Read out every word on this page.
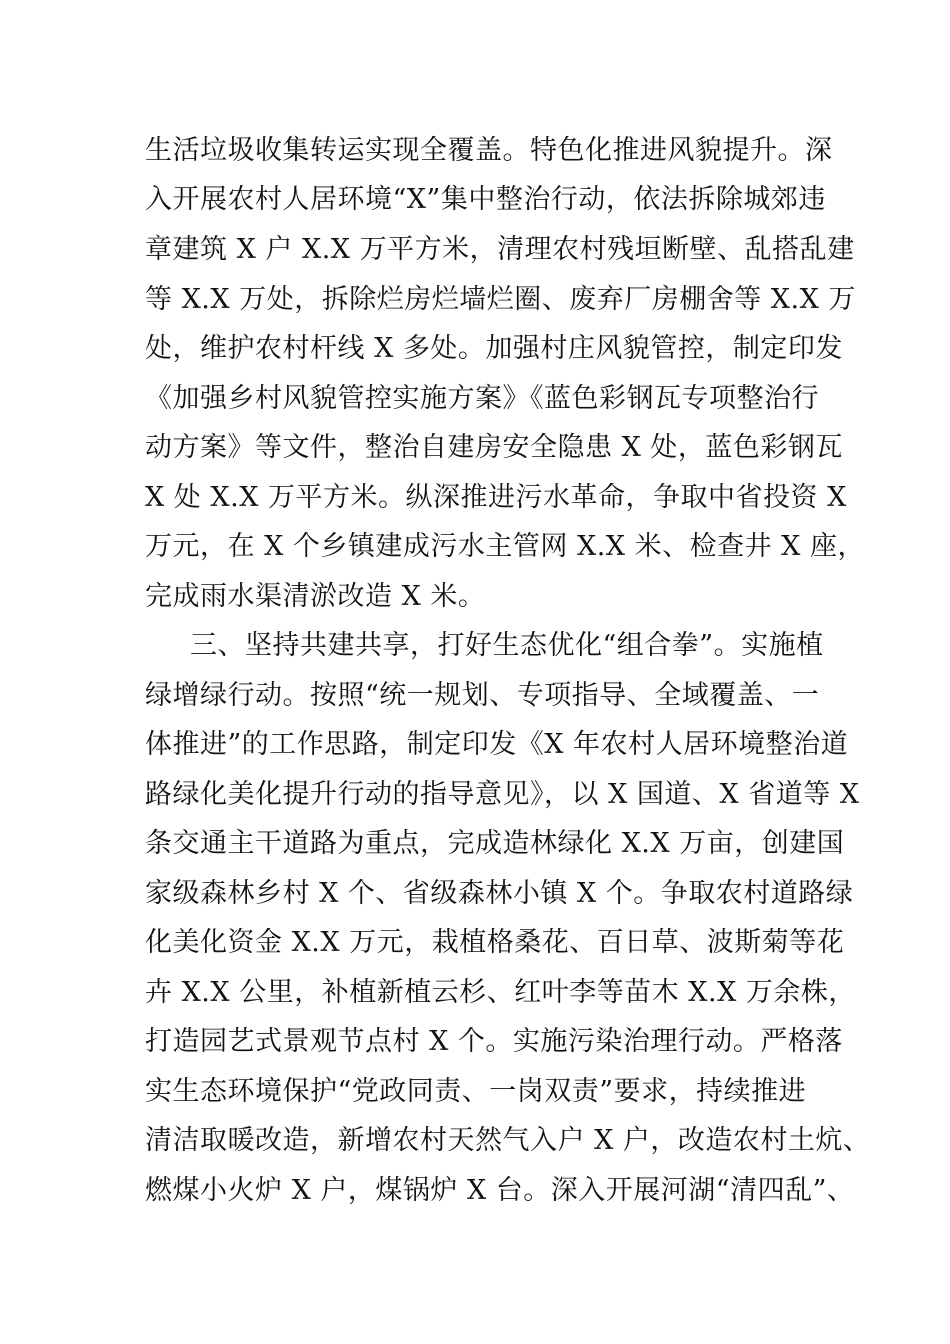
生活垃圾收集转运实现全覆盖。特色化推进风貌提升。深
入开展农村人居环境“X”集中整治行动，依法拆除城郊违
章建筑 X 户 X.X 万平方米，清理农村残垣断壁、乱搭乱建
等 X.X 万处，拆除烂房烂墙烂圈、废弃厂房棚舍等 X.X 万
处，维护农村杆线 X 多处。加强村庄风貌管控，制定印发
《加强乡村风貌管控实施方案》《蓝色彩钢瓦专项整治行
动方案》等文件，整治自建房安全隐患 X 处，蓝色彩钢瓦
X 处 X.X 万平方米。纵深推进污水革命，争取中省投资 X
万元，在 X 个乡镇建成污水主管网 X.X 米、检查井 X 座，
完成雨水渠清淤改造 X 米。
三、坚持共建共享，打好生态优化“组合拳”。实施植
绿增绿行动。按照“统一规划、专项指导、全域覆盖、一
体推进”的工作思路，制定印发《X 年农村人居环境整治道
路绿化美化提升行动的指导意见》，以 X 国道、X 省道等 X
条交通主干道路为重点，完成造林绿化 X.X 万亩，创建国
家级森林乡村 X 个、省级森林小镇 X 个。争取农村道路绿
化美化资金 X.X 万元，栽植格桑花、百日草、波斯菊等花
卉 X.X 公里，补植新植云杉、红叶李等苗木 X.X 万余株，
打造园艺式景观节点村 X 个。实施污染治理行动。严格落
实生态环境保护“党政同责、一岗双责”要求，持续推进
清洁取暖改造，新增农村天然气入户 X 户，改造农村土炕、
燃煤小火炉 X 户，煤锅炉 X 台。深入开展河湖“清四乱”、
